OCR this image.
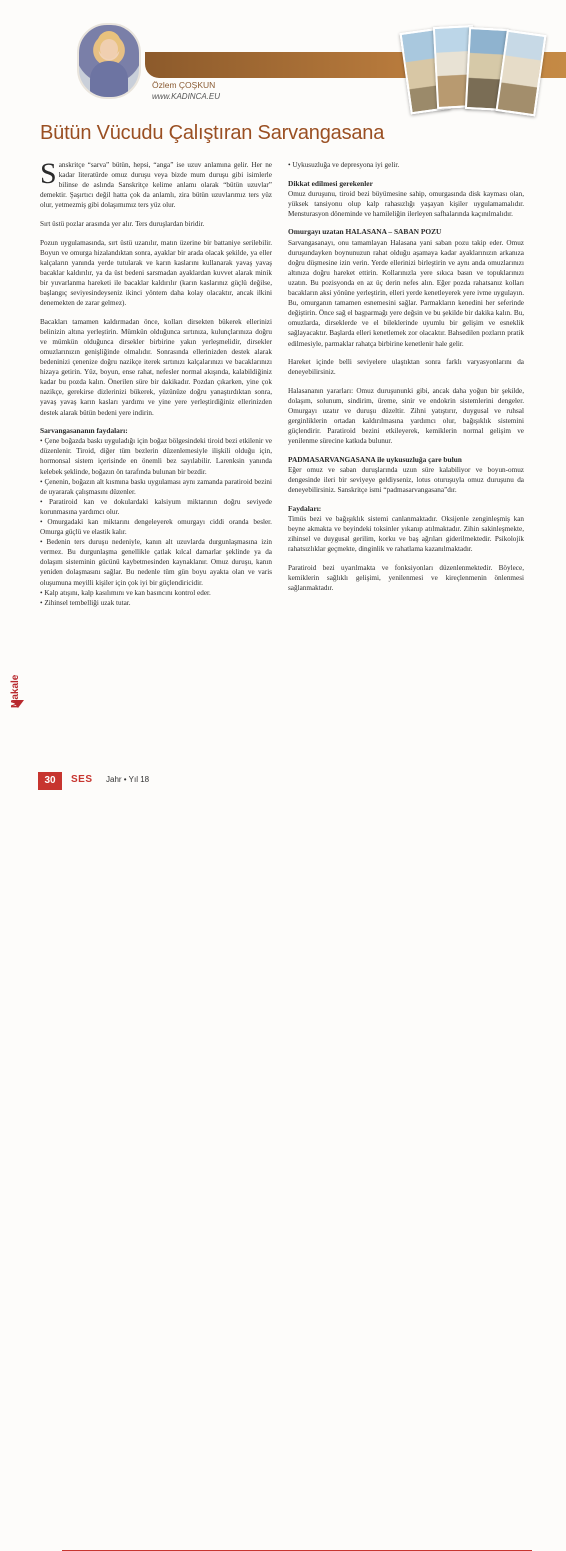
Özlem ÇOŞKUN
www.KADINCA.EU
Bütün Vücudu Çalıştıran Sarvangasana

Sanskritçe “sarva” bütün, hepsi, “anga” ise uzuv anlamına gelir. Her ne kadar literatürde omuz duruşu veya bizde mum duruşu gibi isimlerle bilinse de aslında Sanskritçe kelime anlamı olarak “bütün uzuvlar” demektir. Şaşırtıcı değil hatta çok da anlamlı, zira bütün uzuvlarımız ters yüz olur, yetmezmiş gibi dolaşımımız ters yüz olur.

Sırt üstü pozlar arasında yer alır. Ters duruşlardan biridir.

Pozun uygulamasında, sırt üstü uzanılır, matın üzerine bir battaniye serilebilir. Boyun ve omurga hizalandıktan sonra, ayaklar bir arada olacak şekilde, ya eller kalçaların yanında yerde tutularak ve karın kaslarını kullanarak yavaş yavaş bacaklar kaldırılır, ya da üst bedeni sarsmadan ayaklardan kuvvet alarak minik bir yuvarlanma hareketi ile bacaklar kaldırılır (karın kaslarınız güçlü değilse, başlangıç seviyesindeyseniz ikinci yöntem daha kolay olacaktır, ancak ilkini denemekten de zarar gelmez).

Bacakları tamamen kaldırmadan önce, kolları dirsekten bükerek ellerinizi belinizin altına yerleştirin. Mümkün olduğunca sırtınıza, kulunçlarınıza doğru ve mümkün olduğunca dirsekler birbirine yakın yerleşmelidir, dirsekler omuzlarınızın genişliğinde olmalıdır. Sonrasında ellerinizden destek alarak bedeninizi çenenize doğru nazikçe iterek sırtınızı kalçalarınızı ve bacaklarınızı hizaya getirin. Yüz, boyun, ense rahat, nefesler normal akışında, kalabildiğiniz kadar bu pozda kalın. Önerilen süre bir dakikadır. Pozdan çıkarken, yine çok nazikçe, gerekirse dizlerinizi bükerek, yüzünüze doğru yanaştırdıktan sonra, yavaş yavaş karın kasları yardımı ve yine yere yerleştirdiğiniz ellerinizden destek alarak bütün bedeni yere indirin.

Sarvangasananın faydaları:
• Çene boğazda baskı uyguladığı için boğaz bölgesindeki tiroid bezi etkilenir ve düzenlenir. Tiroid, diğer tüm bezlerin düzenlemesiyle ilişkili olduğu için, hormonsal sistem içerisinde en önemli bez sayılabilir. Larenksin yanında kelebek şeklinde, boğazın ön tarafında bulunan bir bezdir.
• Çenenin, boğazın alt kısmına baskı uygulaması aynı zamanda paratiroid bezini de uyararak çalışmasını düzenler.
• Paratiroid kan ve dokulardaki kalsiyum miktarının doğru seviyede korunmasına yardımcı olur.
• Omurgadaki kan miktarını dengeleyerek omurgayı ciddi oranda besler. Omurga güçlü ve elastik kalır.
• Bedenin ters duruşu nedeniyle, kanın alt uzuvlarda durgunlaşmasına izin vermez. Bu durgunlaşma genellikle çatlak kılcal damarlar şeklinde ya da dolaşım sisteminin gücünü kaybetmesinden kaynaklanır. Omuz duruşu, kanın yeniden dolaşmasını sağlar. Bu nedenle tüm gün boyu ayakta olan ve varis oluşumuna meyilli kişiler için çok iyi bir güçlendiricidir.
• Kalp atışını, kalp kasılımını ve kan basıncını kontrol eder.
• Zihinsel tembelliği uzak tutar.
• Uykusuzluğa ve depresyona iyi gelir.
Dikkat edilmesi gerekenler

Omuz duruşunu, tiroid bezi büyümesine sahip, omurgasında disk kayması olan, yüksek tansiyonu olup kalp rahasızlığı yaşayan kişiler uygulamamalıdır. Mensturasyon döneminde ve hamileliğin ilerleyen safhalarında kaçınılmalıdır.

Omurgayı uzatan HALASANA – SABAN POZU

Sarvangasanayı, onu tamamlayan Halasana yani saban pozu takip eder. Omuz duruşundayken boynunuzun rahat olduğu aşamaya kadar ayaklarınızın arkanıza doğru düşmesine izin verin. Yerde ellerinizi birleştirin ve aynı anda omuzlarınızı altınıza doğru hareket ettirin. Kollarınızla yere sıkıca basın ve topuklarınızı uzatın. Bu pozisyonda en az üç derin nefes alın. Eğer pozda rahatsanız kolları bacakların aksi yönüne yerleştirin, elleri yerde kenetleyerek yere ivme uygulayın. Bu, omurganın tamamen esnemesini sağlar. Parmakların kenedini her seferinde değiştirin. Önce sağ el başparmağı yere değsin ve bu şekilde bir dakika kalın. Bu, omuzlarda, dirseklerde ve el bileklerinde uyumlu bir gelişim ve esneklik sağlayacaktır. Başlarda elleri kenetlemek zor olacaktır. Bahsedilen pozların pratik edilmesiyle, parmaklar rahatça birbirine kenetlenir hale gelir.

Hareket içinde belli seviyelere ulaştıktan sonra farklı varyasyonlarını da deneyebilirsiniz.

Halasananın yararları: Omuz duruşununki gibi, ancak daha yoğun bir şekilde, dolaşım, solunum, sindirim, üreme, sinir ve endokrin sistemlerini dengeler. Omurgayı uzatır ve duruşu düzeltir. Zihni yatıştırır, duygusal ve ruhsal gerginliklerin ortadan kaldırılmasına yardımcı olur, bağışıklık sistemini güçlendirir. Paratiroid bezini etkileyerek, kemiklerin normal gelişim ve yenilenme sürecine katkıda bulunur.

PADMASARVANGASANA ile uykusuzluğa çare bulun

Eğer omuz ve saban duruşlarında uzun süre kalabiliyor ve boyun-omuz dengesinde ileri bir seviyeye geldiyseniz, lotus oturuşuyla omuz duruşunu da deneyebilirsiniz. Sanskritçe ismi “padmasarvangasana”dır.

Faydaları:

Timüs bezi ve bağışıklık sistemi canlanmaktadır. Oksijenle zenginleşmiş kan beyne akmakta ve beyindeki toksinler yıkanıp atılmaktadır. Zihin sakinleşmekte, zihinsel ve duygusal gerilim, korku ve baş ağrıları giderilmektedir. Psikolojik rahatsızlıklar geçmekte, dinginlik ve rahatlama kazanılmaktadır.

Paratiroid bezi uyarılmakta ve fonksiyonları düzenlenmektedir. Böylece, kemiklerin sağlıklı gelişimi, yenilenmesi ve kireçlenmenin önlenmesi sağlanmaktadır.

Makale
30	SES	Jahr • Yıl 18
